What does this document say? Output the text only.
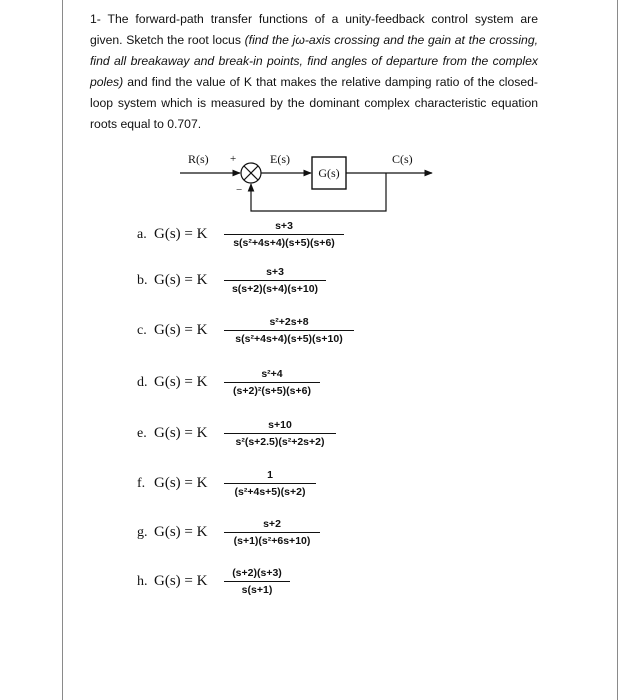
1- The forward-path transfer functions of a unity-feedback control system are given. Sketch the root locus (find the jω-axis crossing and the gain at the crossing, find all breakaway and break-in points, find angles of departure from the complex poles) and find the value of K that makes the relative damping ratio of the closed-loop system which is measured by the dominant complex characteristic equation roots equal to 0.707.

G(s)
R(s) +
−
E(s)	C(s)
a. G(s) = K	s+3
s(s²+4s+4)(s+5)(s+6)
b. G(s) = K	s+3
s(s+2)(s+4)(s+10)
c. G(s) = K	s²+2s+8
s(s²+4s+4)(s+5)(s+10)
d. G(s) = K	s²+4
(s+2)²(s+5)(s+6)
e. G(s) = K	s+10
s²(s+2.5)(s²+2s+2)
f. G(s) = K	1
(s²+4s+5)(s+2)
g. G(s) = K	s+2
(s+1)(s²+6s+10)
h. G(s) = K	(s+2)(s+3)
s(s+1)
